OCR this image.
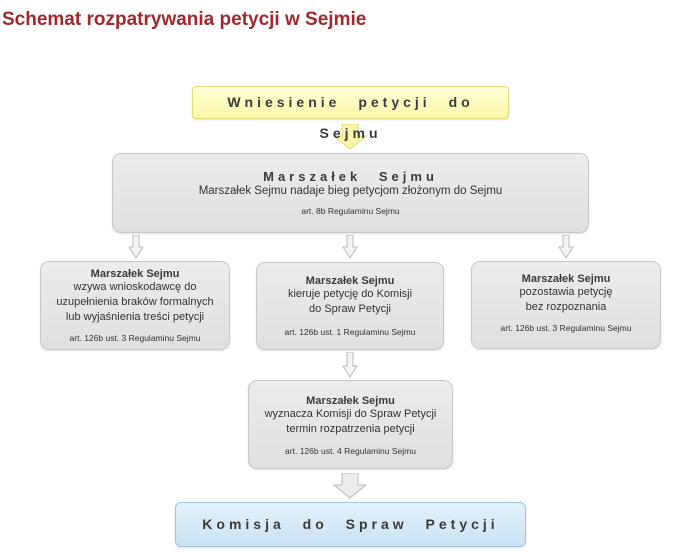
Schemat rozpatrywania petycji w Sejmie
Wniesienie petycji do Sejmu
Marszałek Sejmu
Marszałek Sejmu nadaje bieg petycjom złożonym do Sejmu
art. 8b Regulaminu Sejmu
Marszałek Sejmu
wzywa wnioskodawcę do
uzupełnienia braków formalnych
lub wyjaśnienia treści petycji
art. 126b ust. 3 Regulaminu Sejmu
Marszałek Sejmu
kieruje petycję do Komisji
do Spraw Petycji
art. 126b ust. 1 Regulaminu Sejmu
Marszałek Sejmu
pozostawia petycję
bez rozpoznania
art. 126b ust. 3 Regulaminu Sejmu
Marszałek Sejmu
wyznacza Komisji do Spraw Petycji
termin rozpatrzenia petycji
art. 126b ust. 4 Regulaminu Sejmu
Komisja do Spraw Petycji
